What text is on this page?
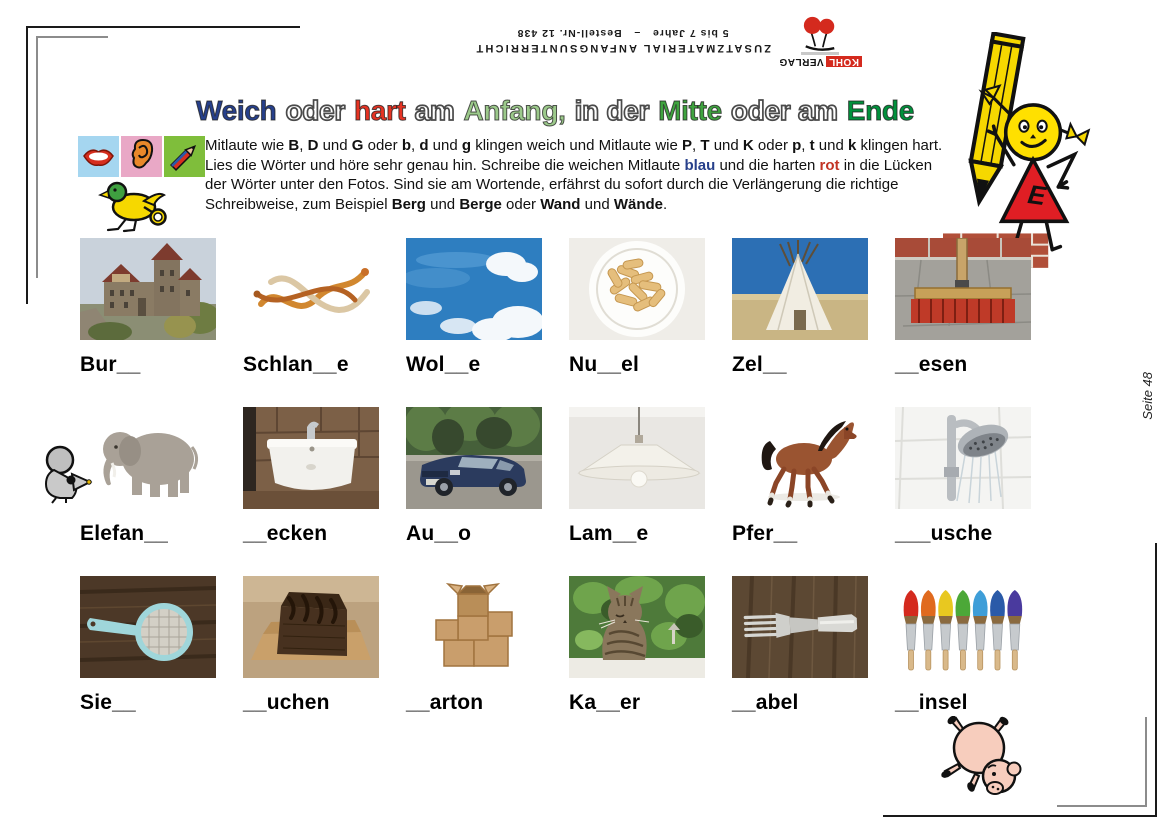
KOHL
VERLAG
ZUSATZMATERIAL ANFANGSUNTERRICHT
5 bis 7 Jahre   –   Bestell-Nr. 12 438
Weich oder hart am Anfang, in der Mitte oder am Ende
Mitlaute wie B, D und G oder b, d und g klingen weich und Mitlaute wie P, T und K oder p, t und k klingen hart. Lies die Wörter und höre sehr genau hin. Schreibe die weichen Mitlaute blau und die harten rot in die Lücken der Wörter unter den Fotos. Sind sie am Wortende, erfährst du sofort durch die Verlängerung die richtige Schreibweise, zum Beispiel Berg und Berge oder Wand und Wände.	E
Bur__	Schlan__e	Wol__e	Nu__el	Zel__	__esen
Elefan__	__ecken	Au__o	Lam__e	Pfer__	___usche
Sie__	__uchen	__arton	Ka__er	__abel	__insel
Seite 48
